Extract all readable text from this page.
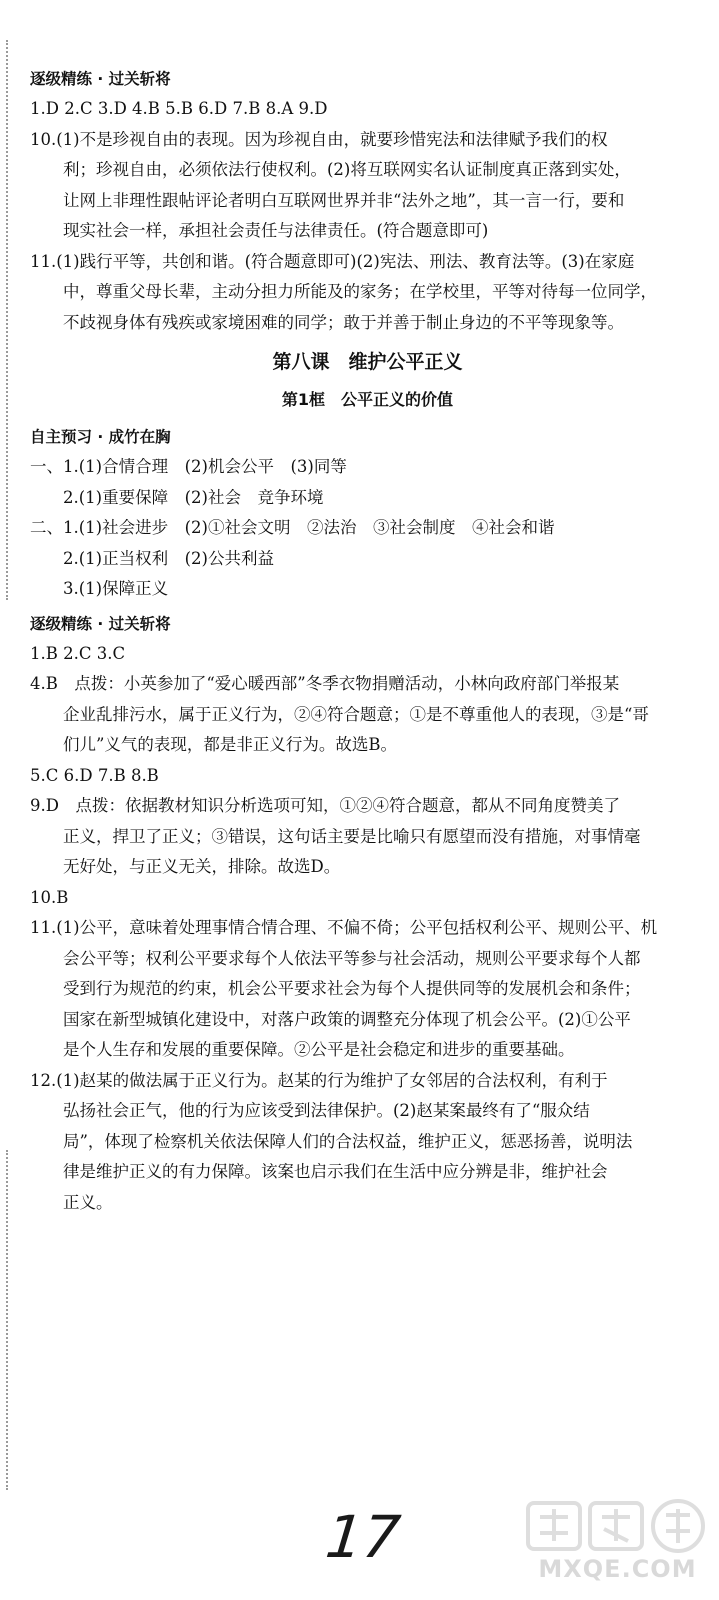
逐级精练 · 过关斩将
1.D 2.C 3.D 4.B 5.B 6.D 7.B 8.A 9.D
10.(1)不是珍视自由的表现。因为珍视自由，就要珍惜宪法和法律赋予我们的权
利；珍视自由，必须依法行使权利。(2)将互联网实名认证制度真正落到实处，
让网上非理性跟帖评论者明白互联网世界并非“法外之地”，其一言一行，要和
现实社会一样，承担社会责任与法律责任。(符合题意即可)
11.(1)践行平等，共创和谐。(符合题意即可)(2)宪法、刑法、教育法等。(3)在家庭
中，尊重父母长辈，主动分担力所能及的家务；在学校里，平等对待每一位同学，
不歧视身体有残疾或家境困难的同学；敢于并善于制止身边的不平等现象等。
第八课　维护公平正义
第1框　公平正义的价值
自主预习 · 成竹在胸
一、1.(1)合情合理　(2)机会公平　(3)同等
2.(1)重要保障　(2)社会　竞争环境
二、1.(1)社会进步　(2)①社会文明　②法治　③社会制度　④社会和谐
2.(1)正当权利　(2)公共利益
3.(1)保障正义
逐级精练 · 过关斩将
1.B 2.C 3.C
4.B　点拨：小英参加了“爱心暖西部”冬季衣物捐赠活动，小林向政府部门举报某
企业乱排污水，属于正义行为，②④符合题意；①是不尊重他人的表现，③是“哥
们儿”义气的表现，都是非正义行为。故选B。
5.C 6.D 7.B 8.B
9.D　点拨：依据教材知识分析选项可知，①②④符合题意，都从不同角度赞美了
正义，捍卫了正义；③错误，这句话主要是比喻只有愿望而没有措施，对事情毫
无好处，与正义无关，排除。故选D。
10.B
11.(1)公平，意味着处理事情合情合理、不偏不倚；公平包括权利公平、规则公平、机
会公平等；权利公平要求每个人依法平等参与社会活动，规则公平要求每个人都
受到行为规范的约束，机会公平要求社会为每个人提供同等的发展机会和条件；
国家在新型城镇化建设中，对落户政策的调整充分体现了机会公平。(2)①公平
是个人生存和发展的重要保障。②公平是社会稳定和进步的重要基础。
12.(1)赵某的做法属于正义行为。赵某的行为维护了女邻居的合法权利，有利于
弘扬社会正气，他的行为应该受到法律保护。(2)赵某案最终有了“服众结
局”，体现了检察机关依法保障人们的合法权益，维护正义，惩恶扬善，说明法
律是维护正义的有力保障。该案也启示我们在生活中应分辨是非，维护社会
正义。
17	MXQE.COM
